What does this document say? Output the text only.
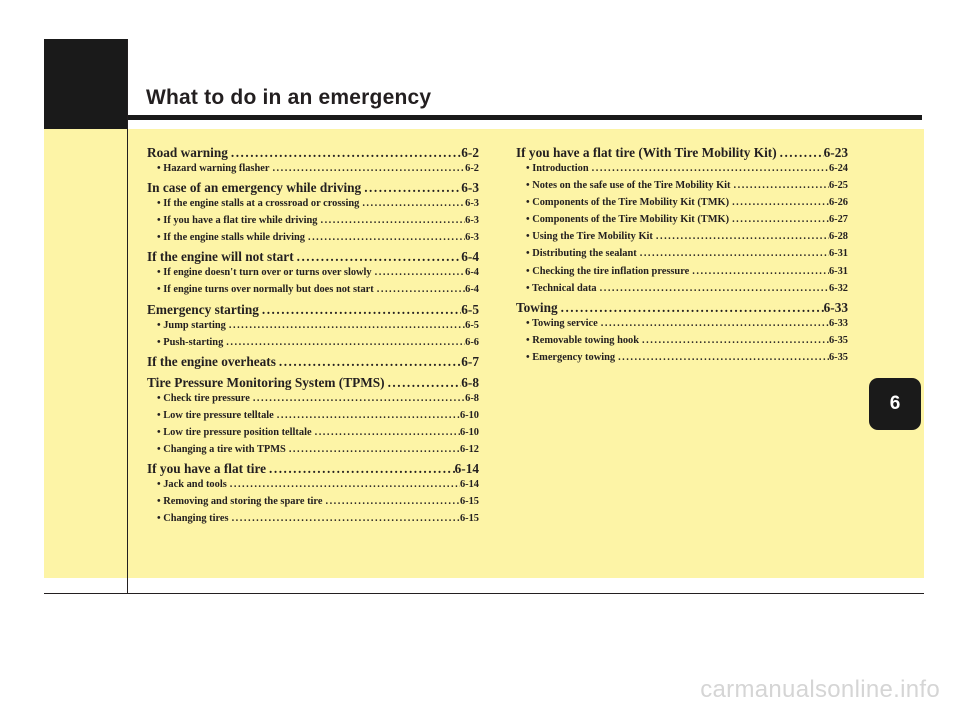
What to do in an emergency
Road warning .....	6-2
• Hazard warning flasher .....	6-2
In case of an emergency while driving .....	6-3
• If the engine stalls at a crossroad or crossing .....	6-3
• If you have a flat tire while driving .....	6-3
• If the engine stalls while driving .....	6-3
If the engine will not start .....	6-4
• If engine doesn't turn over or turns over slowly .....	6-4
• If engine turns over normally but does not start .....	6-4
Emergency starting .....	6-5
• Jump starting .....	6-5
• Push-starting .....	6-6
If the engine overheats .....	6-7
Tire Pressure Monitoring System (TPMS) .....	6-8
• Check tire pressure .....	6-8
• Low tire pressure telltale .....	6-10
• Low tire pressure position telltale .....	6-10
• Changing a tire with TPMS .....	6-12
If you have a flat tire .....	6-14
• Jack and tools .....	6-14
• Removing and storing the spare tire .....	6-15
• Changing tires .....	6-15
If you have a flat tire (With Tire Mobility Kit) .....	6-23
• Introduction .....	6-24
• Notes on the safe use of the Tire Mobility Kit .....	6-25
• Components of the Tire Mobility Kit (TMK) .....	6-26
• Components of the Tire Mobility Kit (TMK) .....	6-27
• Using the Tire Mobility Kit .....	6-28
• Distributing the sealant .....	6-31
• Checking the tire inflation pressure .....	6-31
• Technical data .....	6-32
Towing .....	6-33
• Towing service .....	6-33
• Removable towing hook .....	6-35
• Emergency towing .....	6-35
6
carmanualsonline.info
